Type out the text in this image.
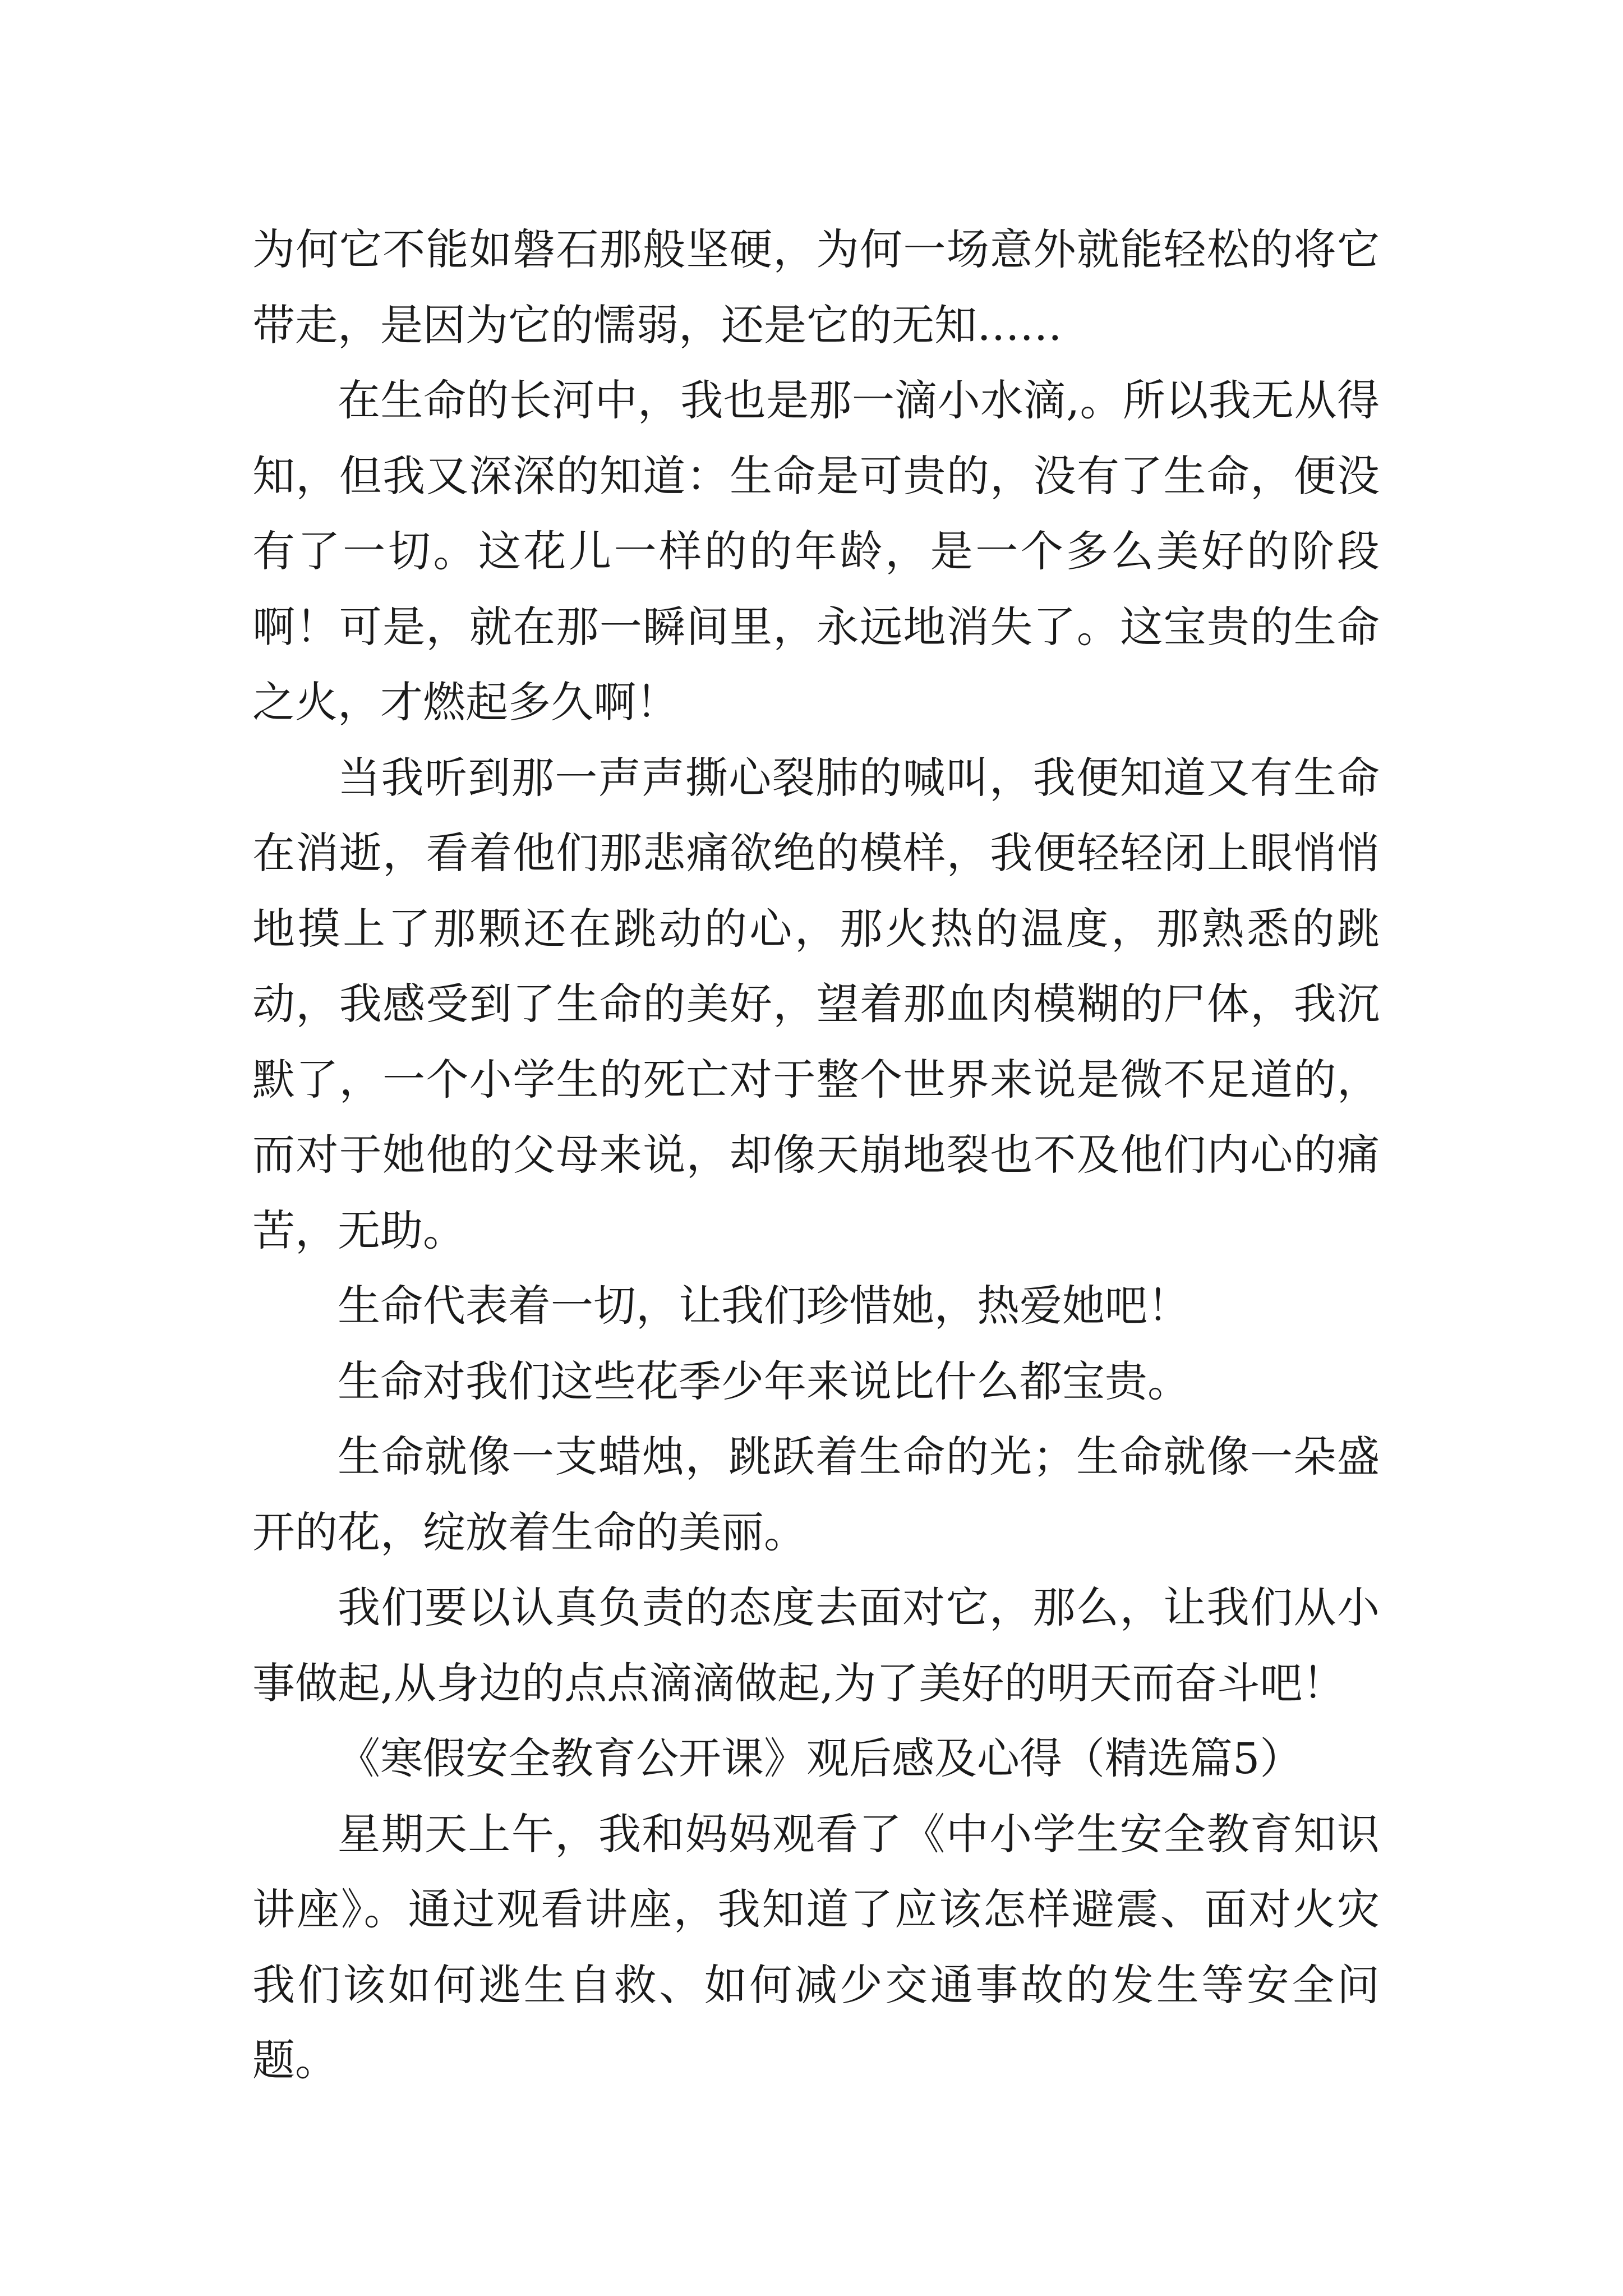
为何它不能如磐石那般坚硬，为何一场意外就能轻松的将它带走，是因为它的懦弱，还是它的无知……

在生命的长河中，我也是那一滴小水滴,。所以我无从得知，但我又深深的知道：生命是可贵的，没有了生命，便没有了一切。这花儿一样的的年龄，是一个多么美好的阶段啊！可是，就在那一瞬间里，永远地消失了。这宝贵的生命之火，才燃起多久啊！

当我听到那一声声撕心裂肺的喊叫，我便知道又有生命在消逝，看着他们那悲痛欲绝的模样，我便轻轻闭上眼悄悄地摸上了那颗还在跳动的心，那火热的温度，那熟悉的跳动，我感受到了生命的美好，望着那血肉模糊的尸体，我沉默了，一个小学生的死亡对于整个世界来说是微不足道的，而对于她他的父母来说，却像天崩地裂也不及他们内心的痛苦，无助。

生命代表着一切，让我们珍惜她，热爱她吧！

生命对我们这些花季少年来说比什么都宝贵。

生命就像一支蜡烛，跳跃着生命的光；生命就像一朵盛开的花，绽放着生命的美丽。

我们要以认真负责的态度去面对它，那么，让我们从小事做起,从身边的点点滴滴做起,为了美好的明天而奋斗吧！

《寒假安全教育公开课》观后感及心得（精选篇5）

星期天上午，我和妈妈观看了《中小学生安全教育知识讲座》。通过观看讲座，我知道了应该怎样避震、面对火灾我们该如何逃生自救、如何减少交通事故的发生等安全问题。
